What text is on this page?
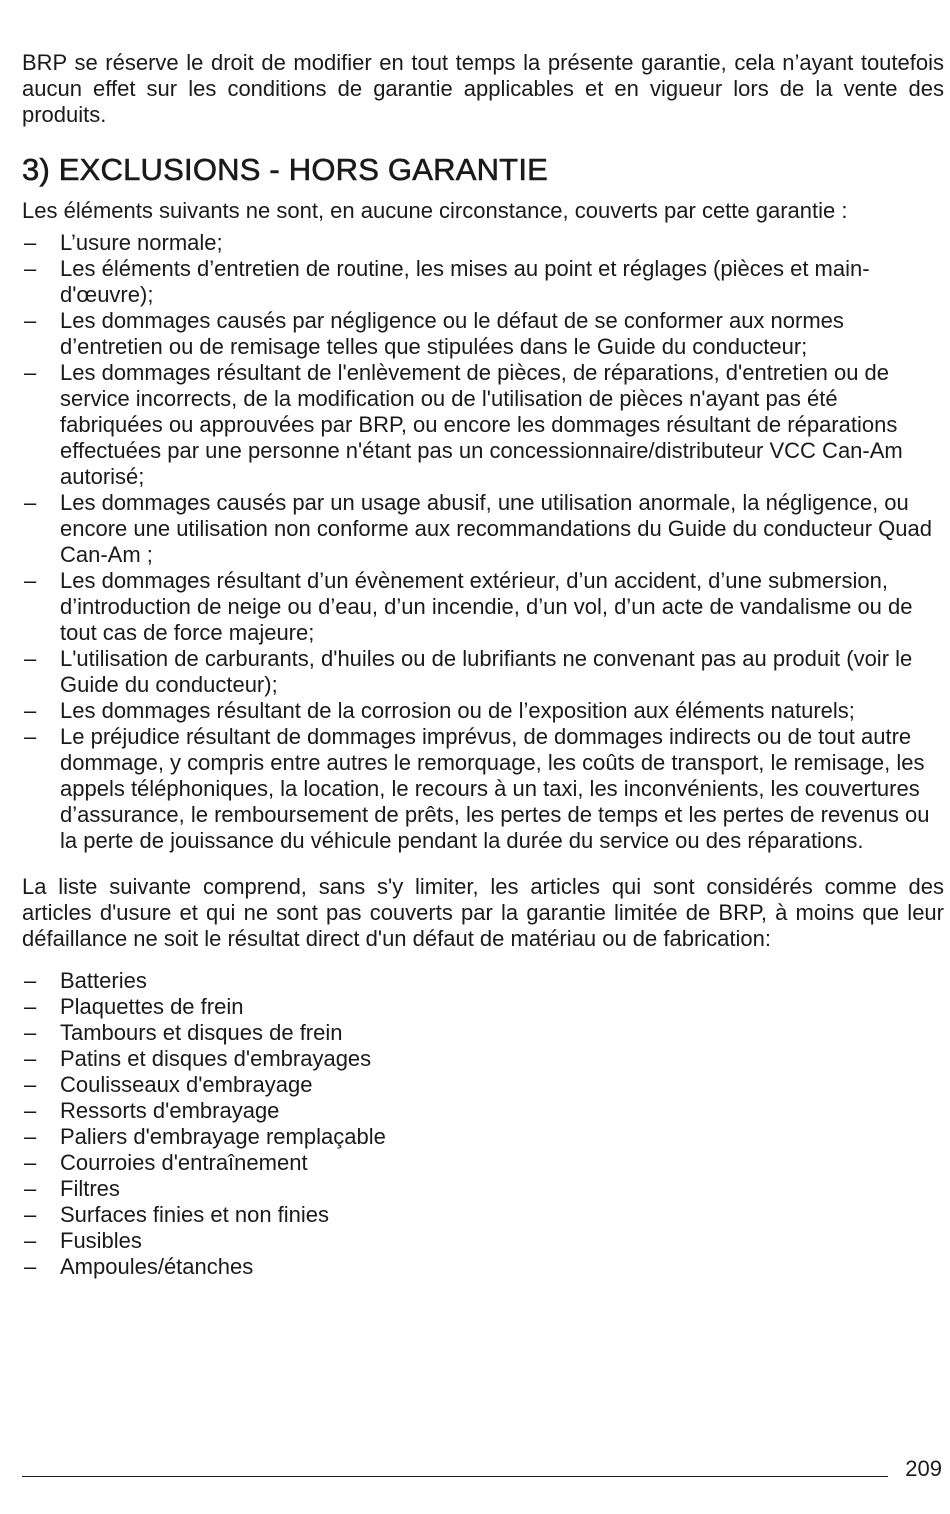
BRP se réserve le droit de modifier en tout temps la présente garantie, cela n’ayant toutefois aucun effet sur les conditions de garantie applicables et en vigueur lors de la vente des produits.

3) EXCLUSIONS - HORS GARANTIE

Les éléments suivants ne sont, en aucune circonstance, couverts par cette garantie :

– L’usure normale;
– Les éléments d’entretien de routine, les mises au point et réglages (pièces et main-d'œuvre);
– Les dommages causés par négligence ou le défaut de se conformer aux normes d’entretien ou de remisage telles que stipulées dans le Guide du conducteur;
– Les dommages résultant de l'enlèvement de pièces, de réparations, d'entretien ou de service incorrects, de la modification ou de l'utilisation de pièces n'ayant pas été fabriquées ou approuvées par BRP, ou encore les dommages résultant de réparations effectuées par une personne n'étant pas un concessionnaire/distributeur VCC Can-Am autorisé;
– Les dommages causés par un usage abusif, une utilisation anormale, la négligence, ou encore une utilisation non conforme aux recommandations du Guide du conducteur Quad Can-Am ;
– Les dommages résultant d’un évènement extérieur, d’un accident, d’une submersion, d’introduction de neige ou d’eau, d’un incendie, d’un vol, d’un acte de vandalisme ou de tout cas de force majeure;
– L'utilisation de carburants, d'huiles ou de lubrifiants ne convenant pas au produit (voir le Guide du conducteur);
– Les dommages résultant de la corrosion ou de l’exposition aux éléments naturels;
– Le préjudice résultant de dommages imprévus, de dommages indirects ou de tout autre dommage, y compris entre autres le remorquage, les coûts de transport, le remisage, les appels téléphoniques, la location, le recours à un taxi, les inconvénients, les couvertures d’assurance, le remboursement de prêts, les pertes de temps et les pertes de revenus ou la perte de jouissance du véhicule pendant la durée du service ou des réparations.

La liste suivante comprend, sans s'y limiter, les articles qui sont considérés comme des articles d'usure et qui ne sont pas couverts par la garantie limitée de BRP, à moins que leur défaillance ne soit le résultat direct d'un défaut de matériau ou de fabrication:

– Batteries
– Plaquettes de frein
– Tambours et disques de frein
– Patins et disques d'embrayages
– Coulisseaux d'embrayage
– Ressorts d'embrayage
– Paliers d'embrayage remplaçable
– Courroies d'entraînement
– Filtres
– Surfaces finies et non finies
– Fusibles
– Ampoules/étanches
209
